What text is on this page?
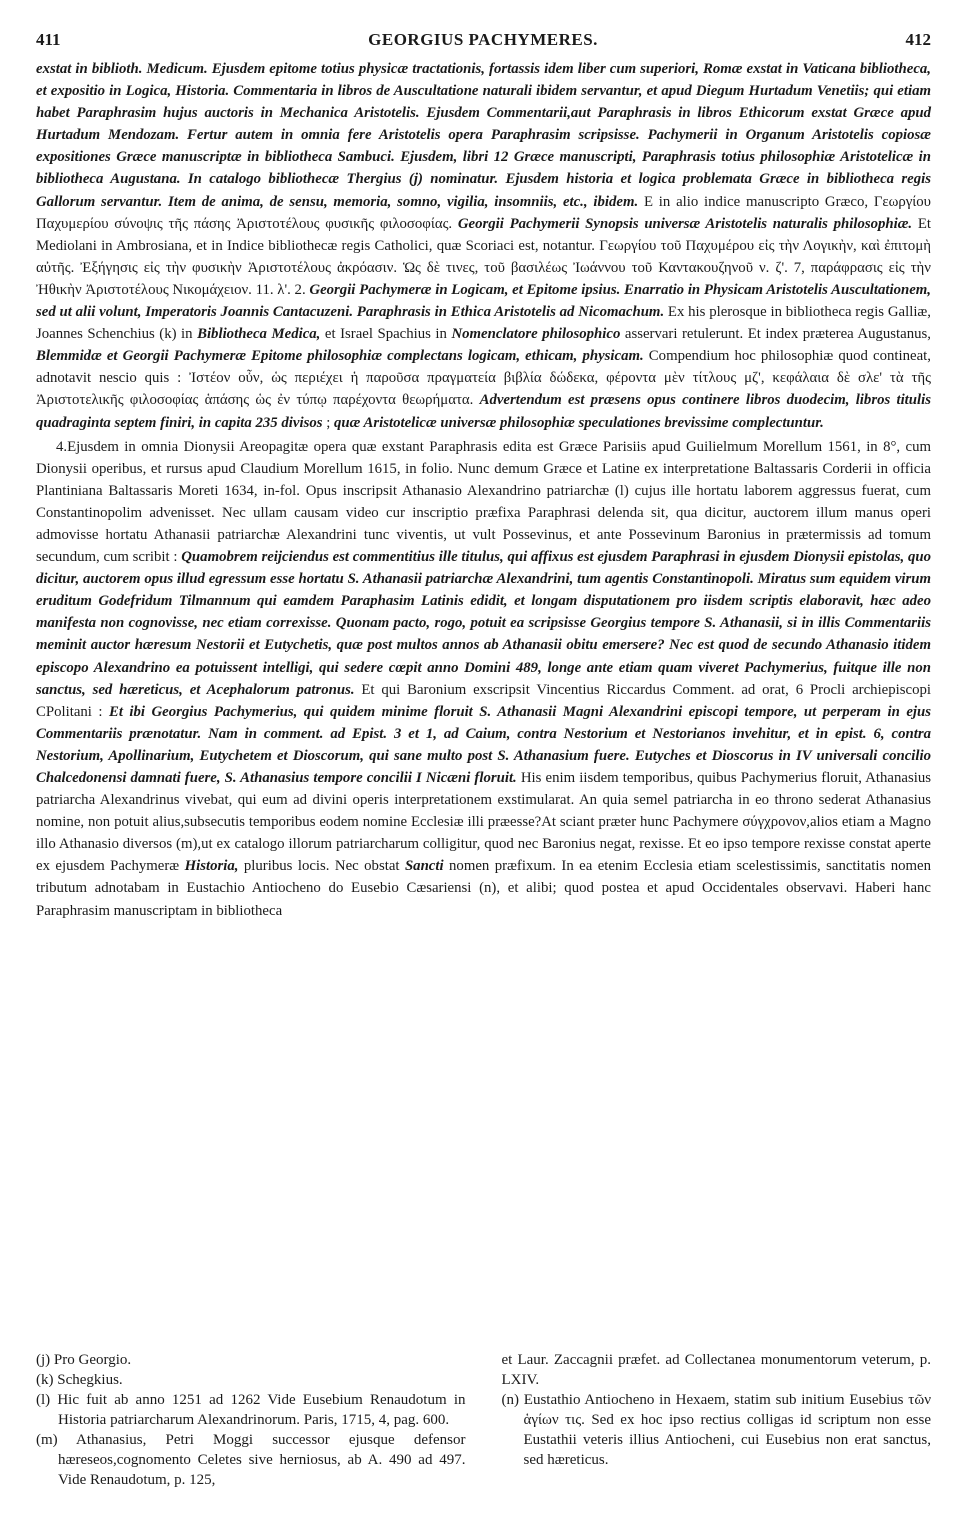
411	GEORGIUS PACHYMERES.	412

exstat in biblioth. Medicum. Ejusdem epitome totius physicæ tractationis, fortassis idem liber cum superiori, Romæ exstat in Vaticana bibliotheca, et expositio in Logica, Historia. Commentaria in libros de Auscultatione naturali ibidem servantur, et apud Diegum Hurtadum Venetiis; qui etiam habet Paraphrasim hujus auctoris in Mechanica Aristotelis. Ejusdem Commentarii,aut Paraphrasis in libros Ethicorum exstat Græce apud Hurtadum Mendozam. Fertur autem in omnia fere Aristotelis opera Paraphrasim scripsisse. Pachymerii in Organum Aristotelis copiosæ expositiones Græce manuscriptæ in bibliotheca Sambuci. Ejusdem, libri 12 Græce manuscripti, Paraphrasis totius philosophiæ Aristotelicæ in bibliotheca Augustana. In catalogo bibliothecæ Thergius (j) nominatur. Ejusdem historia et logica problemata Græce in bibliotheca regis Gallorum servantur. Item de anima, de sensu, memoria, somno, vigilia, insomniis, etc., ibidem. E in alio indice manuscripto Græco, Γεωργίου Παχυμερίου σύνοψις τῆς πάσης Ἀριστοτέλους φυσικῆς φιλοσοφίας. Georgii Pachymerii Synopsis universæ Aristotelis naturalis philosophiæ. Et Mediolani in Ambrosiana, et in Indice bibliothecæ regis Catholici, quæ Scoriaci est, notantur. Γεωργίου τοῦ Παχυμέρου εἰς τὴν Λογικὴν, καὶ ἐπιτομὴ αὐτῆς. Ἐξήγησις εἰς τὴν φυσικὴν Ἀριστοτέλους ἀκρόασιν. Ὡς δὲ τινες, τοῦ βασιλέως Ἰωάννου τοῦ Καντακουζηνοῦ ν. ζ'. 7, παράφρασις εἰς τὴν Ἠθικὴν Ἀριστοτέλους Νικομάχειον. 11. λ'. 2. Georgii Pachymeræ in Logicam, et Epitome ipsius. Enarratio in Physicam Aristotelis Auscultationem, sed ut alii volunt, Imperatoris Joannis Cantacuzeni. Paraphrasis in Ethica Aristotelis ad Nicomachum. Ex his plerosque in bibliotheca regis Galliæ, Joannes Schenchius (k) in Bibliotheca Medica, et Israel Spachius in Nomenclatore philosophico asservari retulerunt. Et index præterea Augustanus, Blemmidæ et Georgii Pachymeræ Epitome philosophiæ complectans logicam, ethicam, physicam. Compendium hoc philosophiæ quod contineat, adnotavit nescio quis : Ἰστέον οὖν, ὡς περιέχει ἡ παροῦσα πραγματεία βιβλία δώδεκα, φέροντα μὲν τίτλους μζ', κεφάλαια δὲ σλε' τὰ τῆς Ἀριστοτελικῆς φιλοσοφίας ἁπάσης ὡς ἐν τύπῳ παρέχοντα θεωρήματα. Advertendum est præsens opus continere libros duodecim, libros titulis quadraginta septem finiri, in capita 235 divisos ; quæ Aristotelicæ universæ philosophiæ speculationes brevissime complectuntur.

4.Ejusdem in omnia Dionysii Areopagitæ opera quæ exstant Paraphrasis edita est Græce Parisiis apud Guilielmum Morellum 1561, in 8°, cum Dionysii operibus, et rursus apud Claudium Morellum 1615, in folio. Nunc demum Græce et Latine ex interpretatione Baltassaris Corderii in officia Plantiniana Baltassaris Moreti 1634, in-fol. Opus inscripsit Athanasio Alexandrino patriarchæ (l) cujus ille hortatu laborem aggressus fuerat, cum Constantinopolim advenisset. Nec ullam causam video cur inscriptio præfixa Paraphrasi delenda sit, qua dicitur, auctorem illum manus operi admovisse hortatu Athanasii patriarchæ Alexandrini tunc viventis, ut vult Possevinus, et ante Possevinum Baronius in prætermissis ad tomum secundum, cum scribit : Quamobrem reijciendus est commentitius ille titulus, qui affixus est ejusdem Paraphrasi in ejusdem Dionysii epistolas, quo dicitur, auctorem opus illud egressum esse hortatu S. Athanasii patriarchæ Alexandrini, tum agentis Constantinopoli. Miratus sum equidem virum eruditum Godefridum Tilmannum qui eamdem Paraphasim Latinis edidit, et longam disputationem pro iisdem scriptis elaboravit, hæc adeo manifesta non cognovisse, nec etiam correxisse. Quonam pacto, rogo, potuit ea scripsisse Georgius tempore S. Athanasii, si in illis Commentariis meminit auctor hæresum Nestorii et Eutychetis, quæ post multos annos ab Athanasii obitu emersere? Nec est quod de secundo Athanasio itidem episcopo Alexandrino ea potuissent intelligi, qui sedere cœpit anno Domini 489, longe ante etiam quam viveret Pachymerius, fuitque ille non sanctus, sed hæreticus, et Acephalorum patronus. Et qui Baronium exscripsit Vincentius Riccardus Comment. ad orat, 6 Procli archiepiscopi CPolitani : Et ibi Georgius Pachymerius, qui quidem minime floruit S. Athanasii Magni Alexandrini episcopi tempore, ut perperam in ejus Commentariis prænotatur. Nam in comment. ad Epist. 3 et 1, ad Caium, contra Nestorium et Nestorianos invehitur, et in epist. 6, contra Nestorium, Apollinarium, Eutychetem et Dioscorum, qui sane multo post S. Athanasium fuere. Eutyches et Dioscorus in IV universali concilio Chalcedonensi damnati fuere, S. Athanasius tempore concilii I Nicæni floruit. His enim iisdem temporibus, quibus Pachymerius floruit, Athanasius patriarcha Alexandrinus vivebat, qui eum ad divini operis interpretationem exstimularat. An quia semel patriarcha in eo throno sederat Athanasius nomine, non potuit alius,subsecutis temporibus eodem nomine Ecclesiæ illi præesse?At sciant præter hunc Pachymere σύγχρονον,alios etiam a Magno illo Athanasio diversos (m),ut ex catalogo illorum patriarcharum colligitur, quod nec Baronius negat, rexisse. Et eo ipso tempore rexisse constat aperte ex ejusdem Pachymeræ Historia, pluribus locis. Nec obstat Sancti nomen præfixum. In ea etenim Ecclesia etiam scelestissimis, sanctitatis nomen tributum adnotabam in Eustachio Antiocheno do Eusebio Cæsariensi (n), et alibi; quod postea et apud Occidentales observavi. Haberi hanc Paraphrasim manuscriptam in bibliotheca

(j) Pro Georgio.

(k) Schegkius.

(l) Hic fuit ab anno 1251 ad 1262 Vide Eusebium Renaudotum in Historia patriarcharum Alexandrinorum. Paris, 1715, 4, pag. 600.

(m) Athanasius, Petri Moggi successor ejusque defensor hæreseos,cognomento Celetes sive herniosus, ab A. 490 ad 497. Vide Renaudotum, p. 125,

et Laur. Zaccagnii præfet. ad Collectanea monumentorum veterum, p. LXIV.

(n) Eustathio Antiocheno in Hexaem, statim sub initium Eusebius τῶν ἁγίων τις. Sed ex hoc ipso rectius colligas id scriptum non esse Eustathii veteris illius Antiocheni, cui Eusebius non erat sanctus, sed hæreticus.
